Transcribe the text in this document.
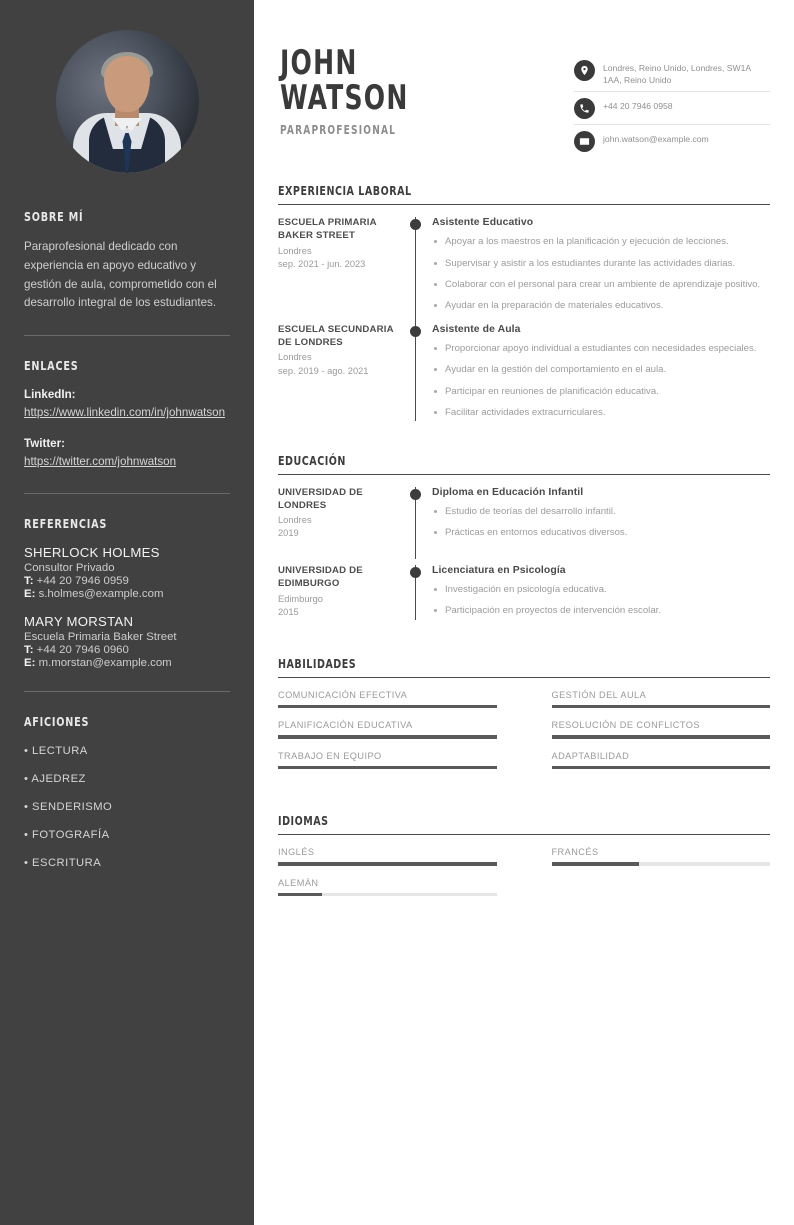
SOBRE MÍ
Paraprofesional dedicado con experiencia en apoyo educativo y gestión de aula, comprometido con el desarrollo integral de los estudiantes.
ENLACES
LinkedIn:
https://www.linkedin.com/in/johnwatson
Twitter:
https://twitter.com/johnwatson
REFERENCIAS
SHERLOCK HOLMES
Consultor Privado
T: +44 20 7946 0959
E: s.holmes@example.com
MARY MORSTAN
Escuela Primaria Baker Street
T: +44 20 7946 0960
E: m.morstan@example.com
AFICIONES
• LECTURA
• AJEDREZ
• SENDERISMO
• FOTOGRAFÍA
• ESCRITURA
JOHN
WATSON
PARAPROFESIONAL
Londres, Reino Unido, Londres, SW1A 1AA, Reino Unido
+44 20 7946 0958
john.watson@example.com
EXPERIENCIA LABORAL
ESCUELA PRIMARIA BAKER STREET
Londres
sep. 2021 - jun. 2023
Asistente Educativo
Apoyar a los maestros en la planificación y ejecución de lecciones.
Supervisar y asistir a los estudiantes durante las actividades diarias.
Colaborar con el personal para crear un ambiente de aprendizaje positivo.
Ayudar en la preparación de materiales educativos.
ESCUELA SECUNDARIA DE LONDRES
Londres
sep. 2019 - ago. 2021
Asistente de Aula
Proporcionar apoyo individual a estudiantes con necesidades especiales.
Ayudar en la gestión del comportamiento en el aula.
Participar en reuniones de planificación educativa.
Facilitar actividades extracurriculares.
EDUCACIÓN
UNIVERSIDAD DE LONDRES
Londres
2019
Diploma en Educación Infantil
Estudio de teorías del desarrollo infantil.
Prácticas en entornos educativos diversos.
UNIVERSIDAD DE EDIMBURGO
Edimburgo
2015
Licenciatura en Psicología
Investigación en psicología educativa.
Participación en proyectos de intervención escolar.
HABILIDADES
COMUNICACIÓN EFECTIVA	GESTIÓN DEL AULA
PLANIFICACIÓN EDUCATIVA	RESOLUCIÓN DE CONFLICTOS
TRABAJO EN EQUIPO	ADAPTABILIDAD
IDIOMAS
INGLÉS	FRANCÉS
ALEMÁN
